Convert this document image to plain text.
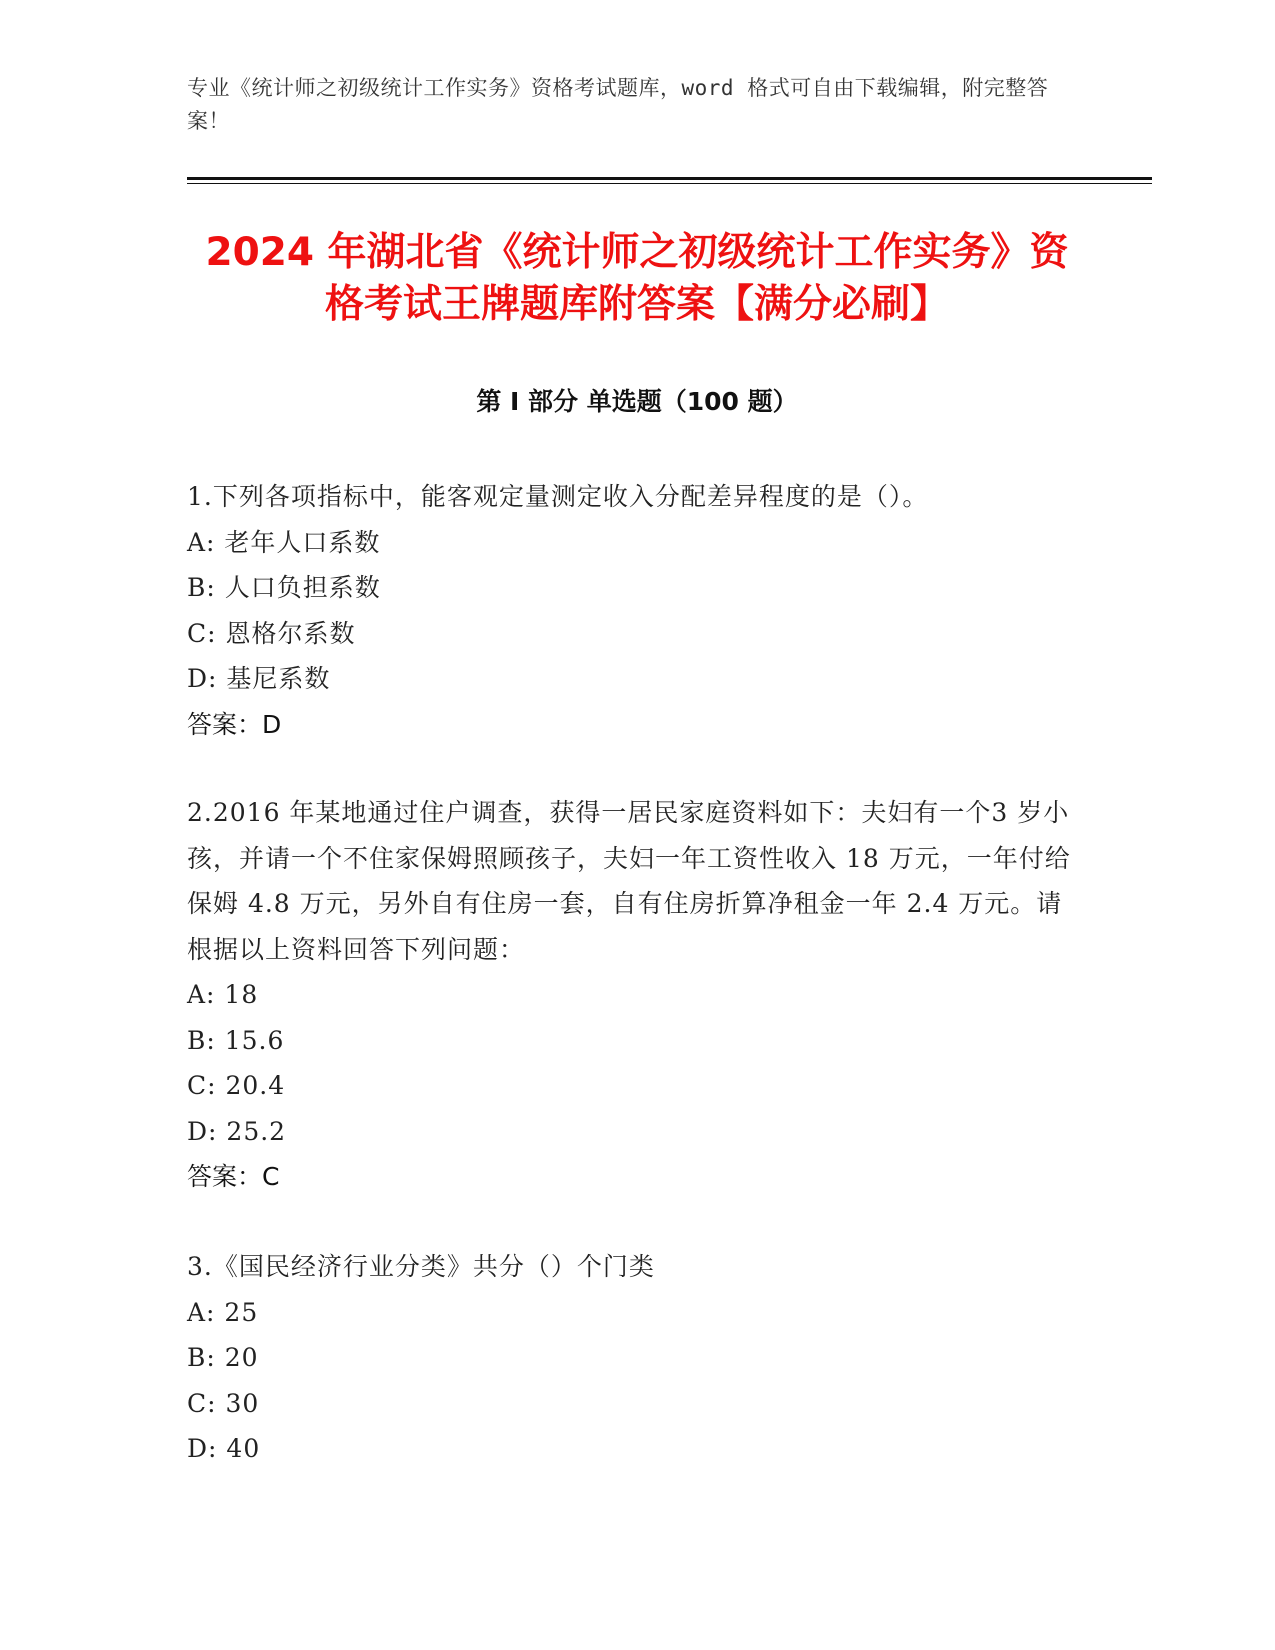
专业《统计师之初级统计工作实务》资格考试题库，word 格式可自由下载编辑，附完整答案！
2024 年湖北省《统计师之初级统计工作实务》资格考试王牌题库附答案【满分必刷】
第 I 部分 单选题（100 题）
1.下列各项指标中，能客观定量测定收入分配差异程度的是（）。
A: 老年人口系数
B: 人口负担系数
C: 恩格尔系数
D: 基尼系数
答案：D
2.2016 年某地通过住户调查，获得一居民家庭资料如下：夫妇有一个3 岁小孩，并请一个不住家保姆照顾孩子，夫妇一年工资性收入 18 万元，一年付给保姆 4.8 万元，另外自有住房一套，自有住房折算净租金一年 2.4 万元。请根据以上资料回答下列问题：
A: 18
B: 15.6
C: 20.4
D: 25.2
答案：C
3.《国民经济行业分类》共分（）个门类
A: 25
B: 20
C: 30
D: 40
